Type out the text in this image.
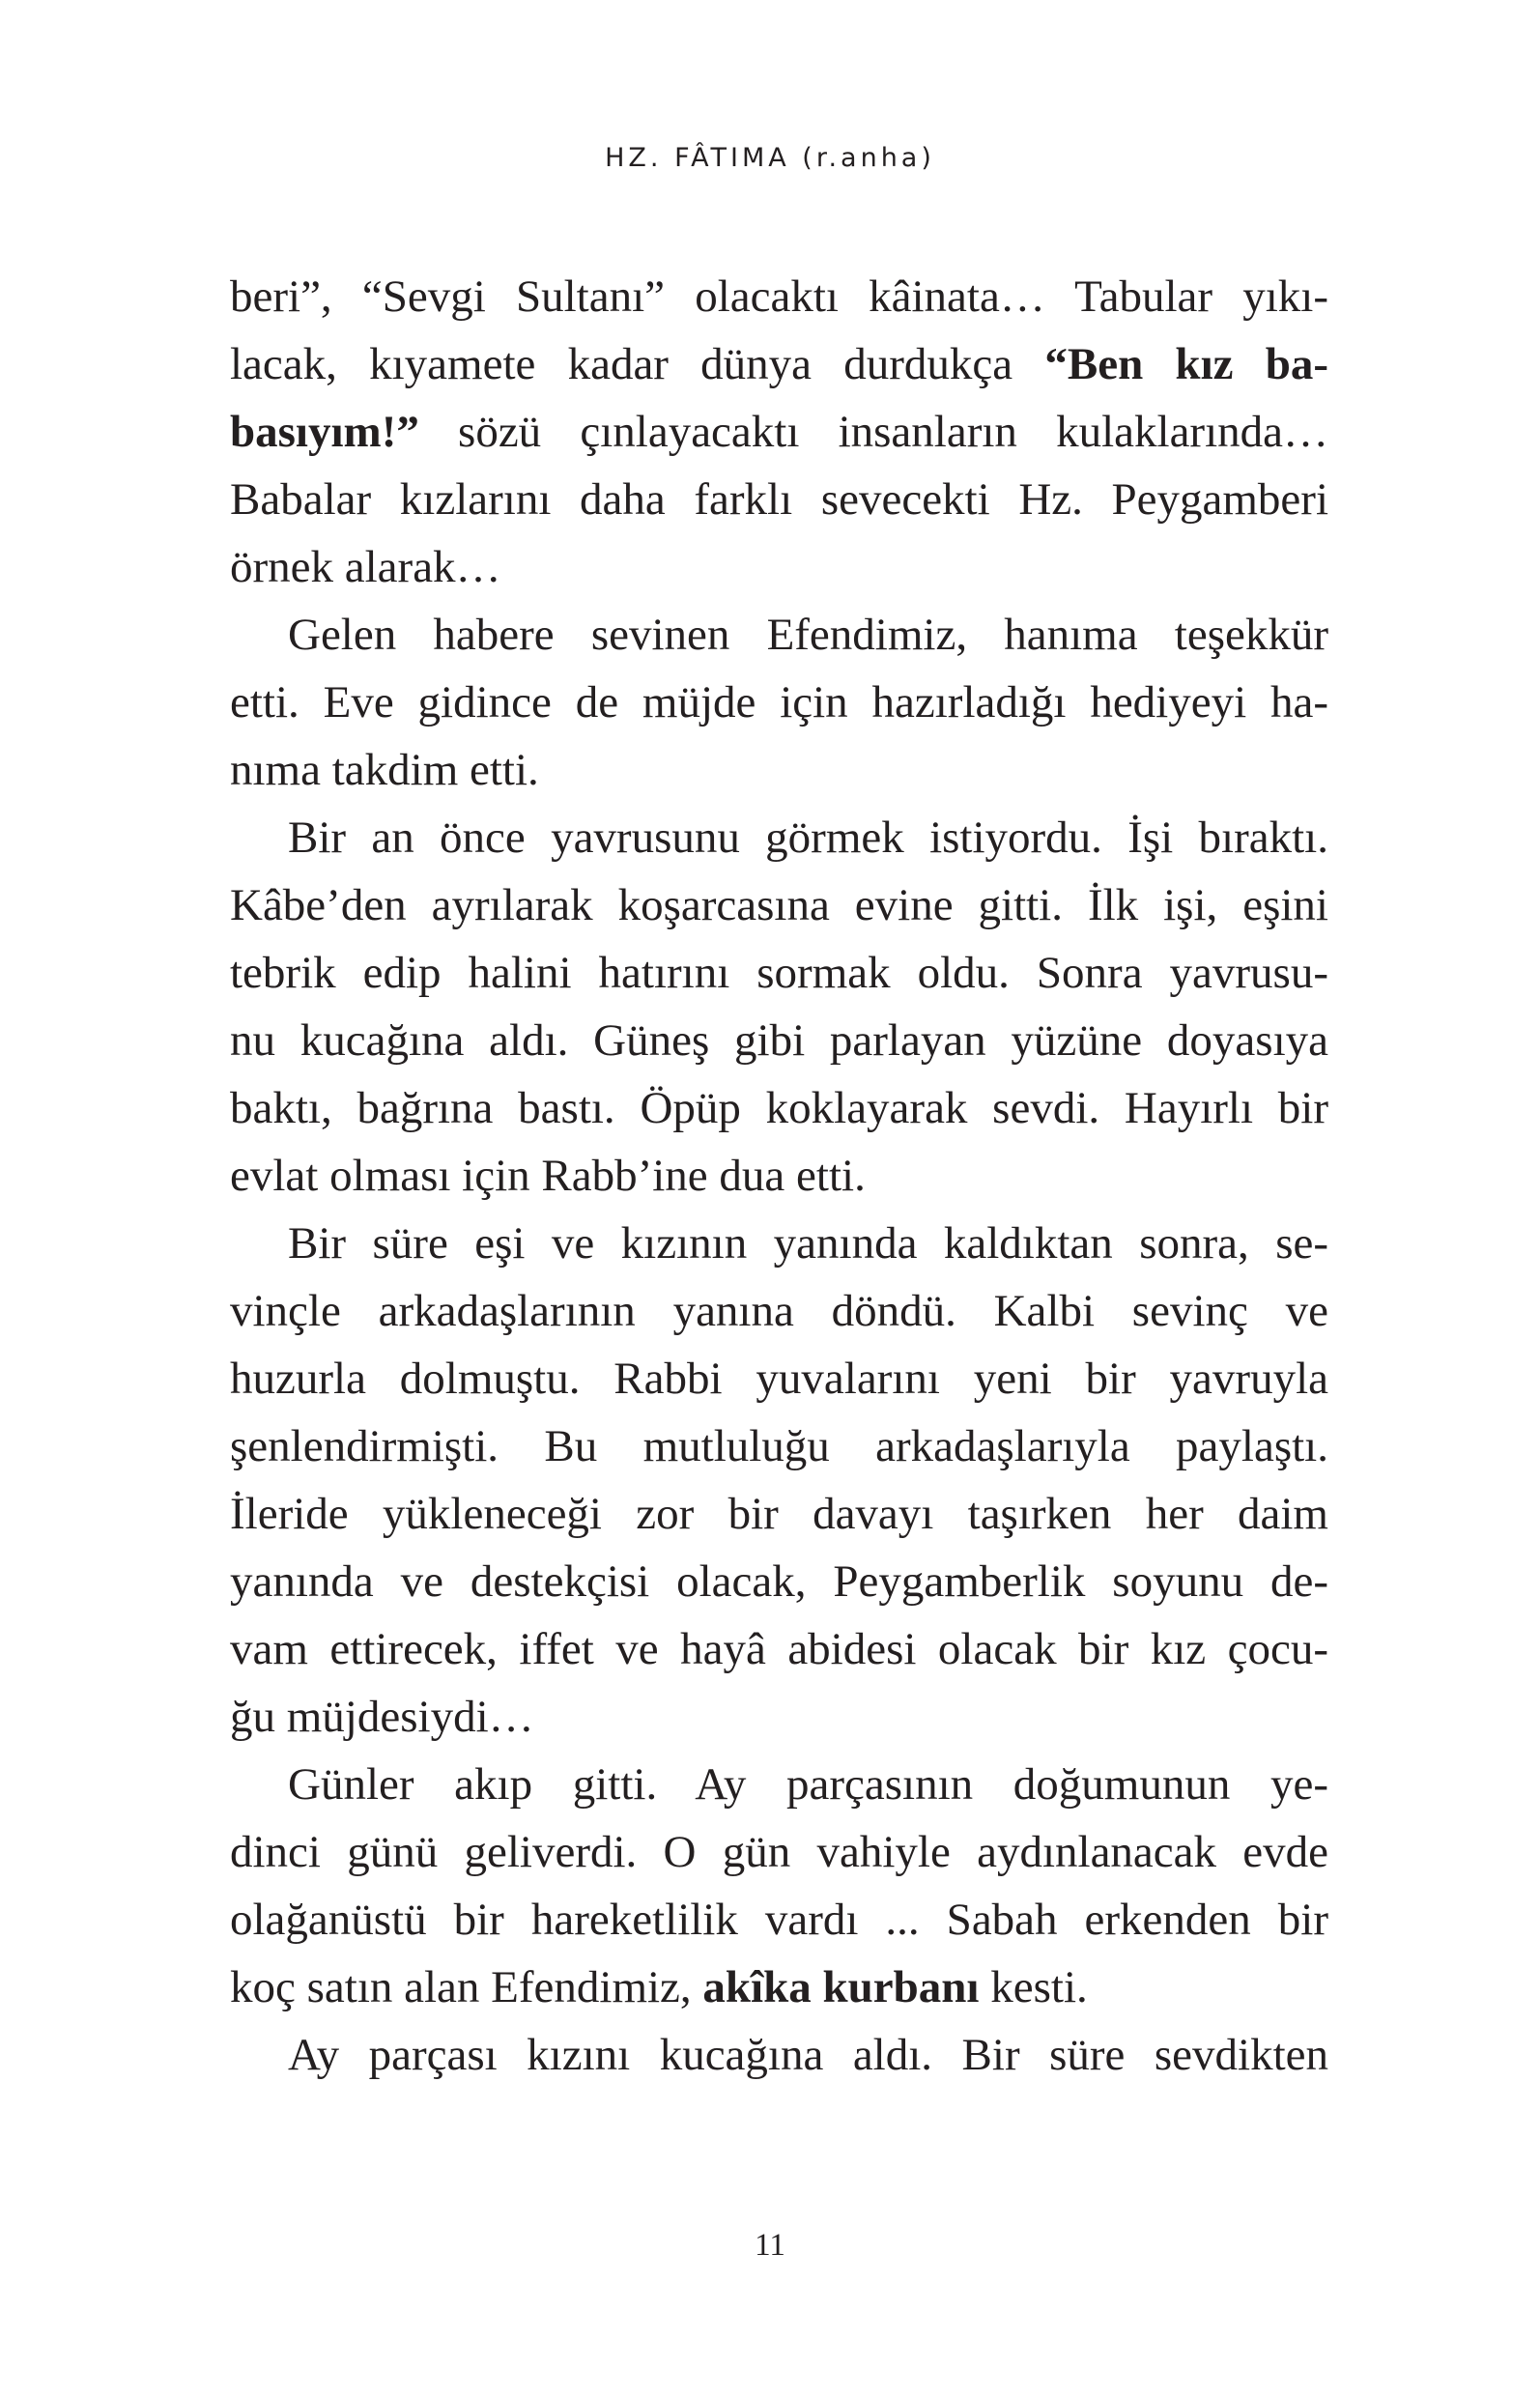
HZ. FÂTIMA (r.anha)
beri”, “Sevgi Sultanı” olacaktı kâinata… Tabular yıkı-
lacak, kıyamete kadar dünya durdukça “Ben kız ba-
basıyım!” sözü çınlayacaktı insanların kulaklarında…
Babalar kızlarını daha farklı sevecekti Hz. Peygamberi
örnek alarak…
Gelen habere sevinen Efendimiz, hanıma teşekkür
etti. Eve gidince de müjde için hazırladığı hediyeyi ha-
nıma takdim etti.
Bir an önce yavrusunu görmek istiyordu. İşi bıraktı.
Kâbe’den ayrılarak koşarcasına evine gitti. İlk işi, eşini
tebrik edip halini hatırını sormak oldu. Sonra yavrusu-
nu kucağına aldı. Güneş gibi parlayan yüzüne doyasıya
baktı, bağrına bastı. Öpüp koklayarak sevdi. Hayırlı bir
evlat olması için Rabb’ine dua etti.
Bir süre eşi ve kızının yanında kaldıktan sonra, se-
vinçle arkadaşlarının yanına döndü. Kalbi sevinç ve
huzurla dolmuştu. Rabbi yuvalarını yeni bir yavruyla
şenlendirmişti. Bu mutluluğu arkadaşlarıyla paylaştı.
İleride yükleneceği zor bir davayı taşırken her daim
yanında ve destekçisi olacak, Peygamberlik soyunu de-
vam ettirecek, iffet ve hayâ abidesi olacak bir kız çocu-
ğu müjdesiydi…
Günler akıp gitti. Ay parçasının doğumunun ye-
dinci günü geliverdi. O gün vahiyle aydınlanacak evde
olağanüstü bir hareketlilik vardı ... Sabah erkenden bir
koç satın alan Efendimiz, akîka kurbanı kesti.
Ay parçası kızını kucağına aldı. Bir süre sevdikten
11
